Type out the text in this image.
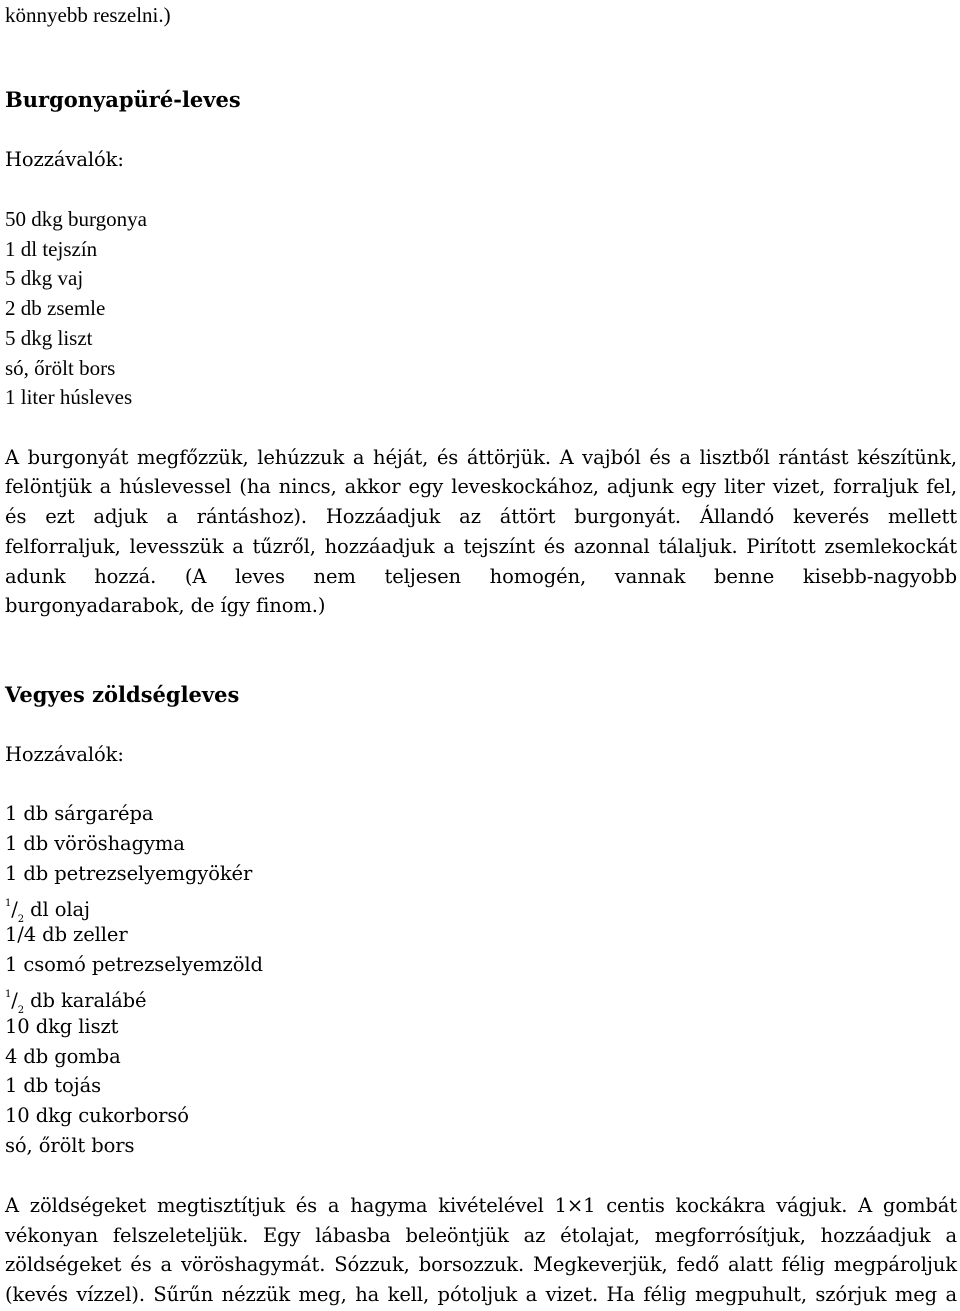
könnyebb reszelni.)
Burgonyapüré-leves
Hozzávalók:
50 dkg burgonya
1 dl tejszín
5 dkg vaj
2 db zsemle
5 dkg liszt
só, őrölt bors
1 liter húsleves
A burgonyát megfőzzük, lehúzzuk a héját, és áttörjük. A vajból és a lisztből rántást készítünk,
felöntjük a húslevessel (ha nincs, akkor egy leveskockához, adjunk egy liter vizet, forraljuk fel,
és ezt adjuk a rántáshoz). Hozzáadjuk az áttört burgonyát. Állandó keverés mellett
felforraljuk, levesszük a tűzről, hozzáadjuk a tejszínt és azonnal tálaljuk. Pirított zsemlekockát
adunk hozzá. (A leves nem teljesen homogén, vannak benne kisebb-nagyobb
burgonyadarabok, de így finom.)
Vegyes zöldségleves
Hozzávalók:
1 db sárgarépa
1 db vöröshagyma
1 db petrezselyemgyökér
$^1/_2$ dl olaj
1/4 db zeller
1 csomó petrezselyemzöld
$^1/_2$ db karalábé
10 dkg liszt
4 db gomba
1 db tojás
10 dkg cukorborsó
só, őrölt bors
A zöldségeket megtisztítjuk és a hagyma kivételével 1×1 centis kockákra vágjuk. A gombát
vékonyan felszeleteljük. Egy lábasba beleöntjük az étolajat, megforrósítjuk, hozzáadjuk a
zöldségeket és a vöröshagymát. Sózzuk, borsozzuk. Megkeverjük, fedő alatt félig megpároljuk
(kevés vízzel). Sűrűn nézzük meg, ha kell, pótoljuk a vizet. Ha félig megpuhult, szórjuk meg a
